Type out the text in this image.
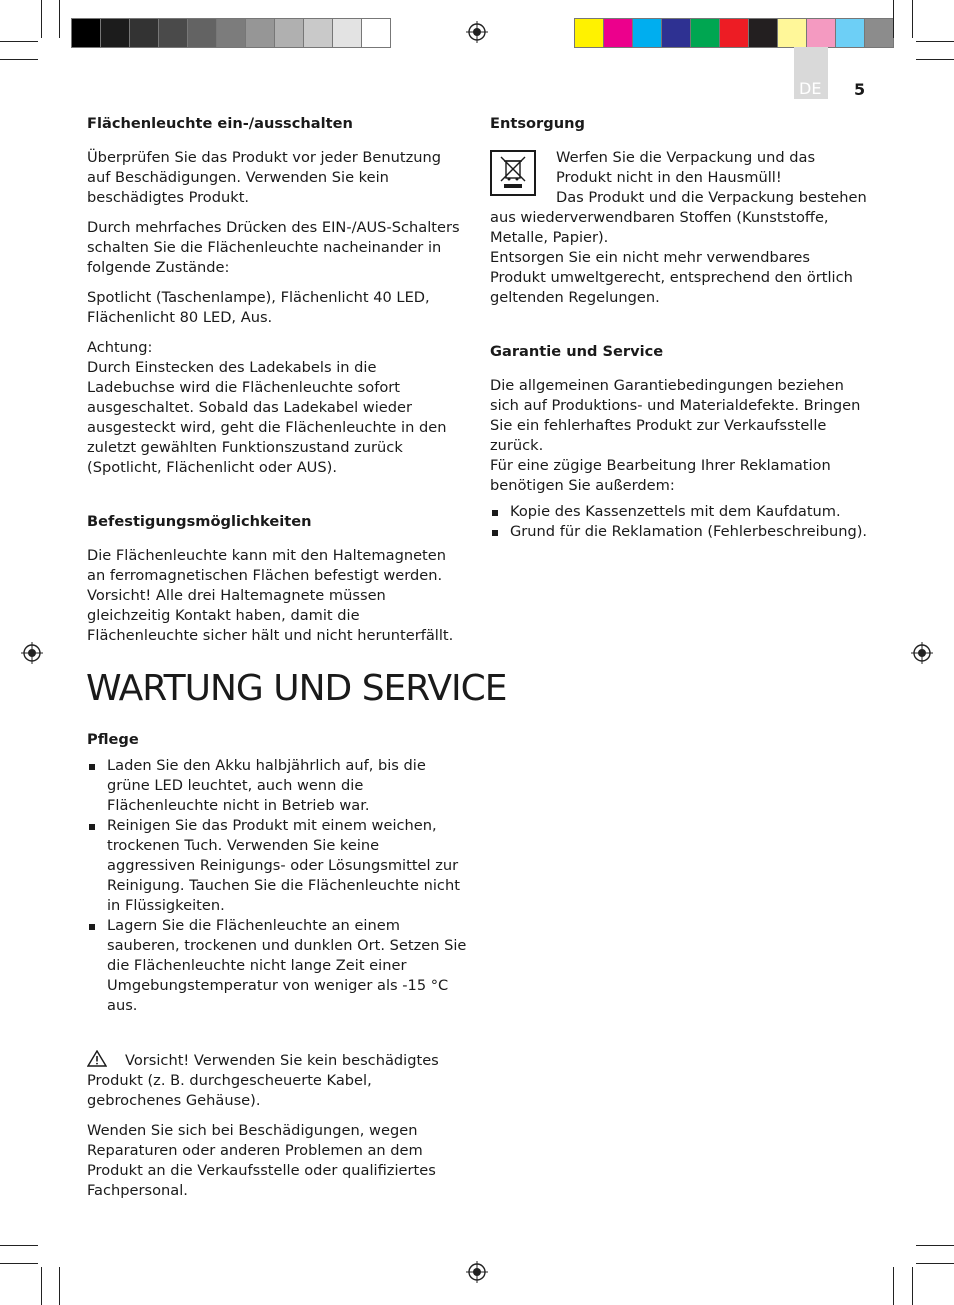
DE 5
Flächenleuchte ein-/ausschalten

Überprüfen Sie das Produkt vor jeder Benutzung auf Beschädigungen. Verwenden Sie kein beschädigtes Produkt.

Durch mehrfaches Drücken des EIN-/AUS-Schalters schalten Sie die Flächenleuchte nacheinander in folgende Zustände:

Spotlicht (Taschenlampe), Flächenlicht 40 LED, Flächenlicht 80 LED, Aus.

Achtung:
Durch Einstecken des Ladekabels in die Ladebuchse wird die Flächenleuchte sofort ausgeschaltet. Sobald das Ladekabel wieder ausgesteckt wird, geht die Flächenleuchte in den zuletzt gewählten Funktionszustand zurück (Spotlicht, Flächenlicht oder AUS).

Befestigungsmöglichkeiten

Die Flächenleuchte kann mit den Haltemagneten an ferromagnetischen Flächen befestigt werden. Vorsicht! Alle drei Haltemagnete müssen gleichzeitig Kontakt haben, damit die Flächenleuchte sicher hält und nicht herunterfällt.

WARTUNG UND SERVICE
Pflege
Laden Sie den Akku halbjährlich auf, bis die grüne LED leuchtet, auch wenn die Flächenleuchte nicht in Betrieb war.
Reinigen Sie das Produkt mit einem weichen, trockenen Tuch. Verwenden Sie keine aggressiven Reinigungs- oder Lösungsmittel zur Reinigung. Tauchen Sie die Flächenleuchte nicht in Flüssigkeiten.
Lagern Sie die Flächenleuchte an einem sauberen, trockenen und dunklen Ort. Setzen Sie die Flächenleuchte nicht lange Zeit einer Umgebungstemperatur von weniger als -15 °C aus.

Vorsicht! Verwenden Sie kein beschädigtes Produkt (z. B. durchgescheuerte Kabel, gebrochenes Gehäuse).

Wenden Sie sich bei Beschädigungen, wegen Reparaturen oder anderen Problemen an dem Produkt an die Verkaufsstelle oder qualifiziertes Fachpersonal.

Entsorgung
Werfen Sie die Verpackung und das Produkt nicht in den Hausmüll!
Das Produkt und die Verpackung bestehen aus wiederverwendbaren Stoffen (Kunststoffe, Metalle, Papier).
Entsorgen Sie ein nicht mehr verwendbares Produkt umweltgerecht, entsprechend den örtlich geltenden Regelungen.
Garantie und Service
Die allgemeinen Garantiebedingungen beziehen sich auf Produktions- und Materialdefekte. Bringen Sie ein fehlerhaftes Produkt zur Verkaufsstelle zurück.
Für eine zügige Bearbeitung Ihrer Reklamation benötigen Sie außerdem:
Kopie des Kassenzettels mit dem Kaufdatum.
Grund für die Reklamation (Fehlerbeschreibung).
